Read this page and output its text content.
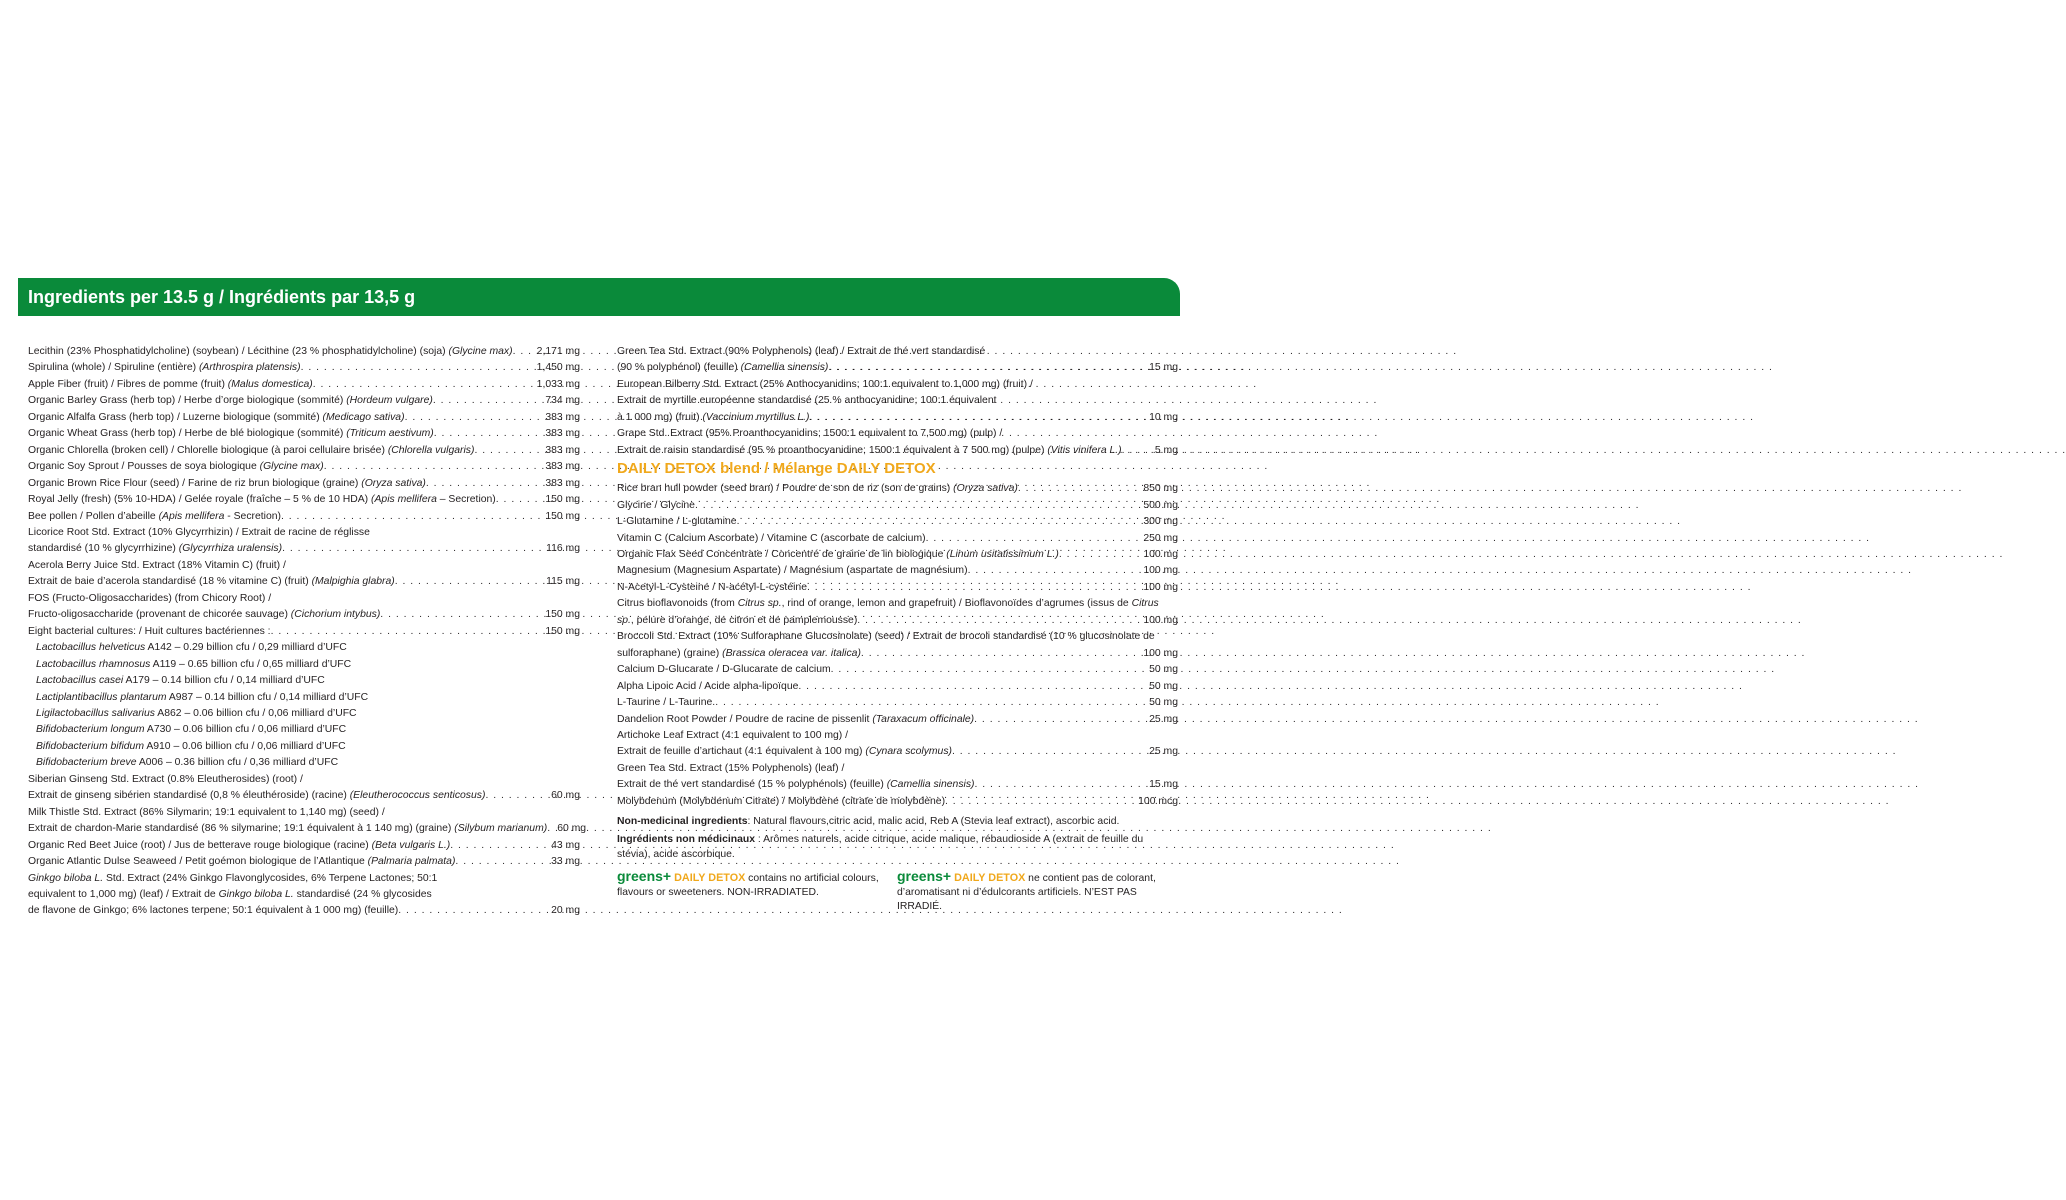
Ingredients per 13.5 g / Ingrédients par 13,5 g
Lecithin (23% Phosphatidylcholine) (soybean) / Lécithine (23 % phosphatidylcholine) (soja) (Glycine max) . . .	2,171 mg
Spirulina (whole) / Spiruline (entière) (Arthrospira platensis) . . .	1,450 mg
Apple Fiber (fruit) / Fibres de pomme (fruit) (Malus domestica) . . .	1,033 mg
Organic Barley Grass (herb top) / Herbe d’orge biologique (sommité) (Hordeum vulgare) . . .	734 mg
Organic Alfalfa Grass (herb top) / Luzerne biologique (sommité) (Medicago sativa) . . .	383 mg
Organic Wheat Grass (herb top) / Herbe de blé biologique (sommité) (Triticum aestivum) . . .	383 mg
Organic Chlorella (broken cell) / Chlorelle biologique (à paroi cellulaire brisée) (Chlorella vulgaris) . . .	383 mg
Organic Soy Sprout / Pousses de soya biologique (Glycine max) . . .	383 mg
Organic Brown Rice Flour (seed) / Farine de riz brun biologique (graine) (Oryza sativa) . . .	383 mg
Royal Jelly (fresh) (5% 10-HDA) / Gelée royale (fraîche – 5 % de 10 HDA) (Apis mellifera – Secretion) . . .	150 mg
Bee pollen / Pollen d’abeille (Apis mellifera - Secretion) . . .	150 mg
Licorice Root Std. Extract (10% Glycyrrhizin) / Extrait de racine de réglisse
standardisé (10 % glycyrrhizine) (Glycyrrhiza uralensis) . . .	116 mg
Acerola Berry Juice Std. Extract (18% Vitamin C) (fruit) /
Extrait de baie d’acerola standardisé (18 % vitamine C) (fruit) (Malpighia glabra) . . .	115 mg
FOS (Fructo-Oligosaccharides) (from Chicory Root) /
Fructo-oligosaccharide (provenant de chicorée sauvage) (Cichorium intybus) . . .	150 mg
Eight bacterial cultures: / Huit cultures bactériennes : . . .	150 mg
Lactobacillus helveticus A142 – 0.29 billion cfu / 0,29 milliard d’UFC
Lactobacillus rhamnosus A119 – 0.65 billion cfu / 0,65 milliard d’UFC
Lactobacillus casei A179 – 0.14 billion cfu / 0,14 milliard d’UFC
Lactiplantibacillus plantarum A987 – 0.14 billion cfu / 0,14 milliard d’UFC
Ligilactobacillus salivarius A862 – 0.06 billion cfu / 0,06 milliard d’UFC
Bifidobacterium longum A730 – 0.06 billion cfu / 0,06 milliard d’UFC
Bifidobacterium bifidum A910 – 0.06 billion cfu / 0,06 milliard d’UFC
Bifidobacterium breve A006 – 0.36 billion cfu / 0,36 milliard d’UFC
Siberian Ginseng Std. Extract (0.8% Eleutherosides) (root) /
Extrait de ginseng sibérien standardisé (0,8 % éleuthéroside) (racine) (Eleutherococcus senticosus) . . .	60 mg
Milk Thistle Std. Extract (86% Silymarin; 19:1 equivalent to 1,140 mg) (seed) /
Extrait de chardon-Marie standardisé (86 % silymarine; 19:1 équivalent à 1 140 mg) (graine) (Silybum marianum) . . . 60 mg
Organic Red Beet Juice (root) / Jus de betterave rouge biologique (racine) (Beta vulgaris L.) . . .	43 mg
Organic Atlantic Dulse Seaweed / Petit goémon biologique de l’Atlantique (Palmaria palmata) . . .	33 mg
Ginkgo biloba L. Std. Extract (24% Ginkgo Flavonglycosides, 6% Terpene Lactones; 50:1
equivalent to 1,000 mg) (leaf) / Extrait de Ginkgo biloba L. standardisé (24 % glycosides
de flavone de Ginkgo; 6% lactones terpene; 50:1 équivalent à 1 000 mg) (feuille) . . .	20 mg
Green Tea Std. Extract (90% Polyphenols) (leaf) / Extrait de thé vert standardisé
(90 % polyphénol) (feuille) (Camellia sinensis) . . .	15 mg
European Bilberry Std. Extract (25% Anthocyanidins; 100:1 equivalent to 1,000 mg) (fruit) /
Extrait de myrtille européenne standardisé (25 % anthocyanidine; 100:1 équivalent
à 1 000 mg) (fruit) (Vaccinium myrtillus L.) . . .	10 mg
Grape Std. Extract (95% Proanthocyanidins; 1500:1 equivalent to 7,500 mg) (pulp) /
Extrait de raisin standardisé (95 % proanthocyanidine; 1500:1 équivalent à 7 500 mg) (pulpe) (Vitis vinifera L.) . . .	5 mg
DAILY DETOX blend / Mélange DAILY DETOX
Rice bran hull powder (seed bran) / Poudre de son de riz (son de grains) (Oryza sativa) . . .	850 mg
Glycine / Glycine . . .	500 mg
L-Glutamine / L-glutamine . . .	300 mg
Vitamin C (Calcium Ascorbate) / Vitamine C (ascorbate de calcium) . . .	250 mg
Organic Flax Seed Concentrate / Concentré de graine de lin biologique (Linum usitatissimum L.) . . .	100 mg
Magnesium (Magnesium Aspartate) / Magnésium (aspartate de magnésium) . . .	100 mg
N-Acetyl-L-Cysteine / N-acétyl-L-cystéine . . .	100 mg
Citrus bioflavonoids (from Citrus sp., rind of orange, lemon and grapefruit) / Bioflavonoïdes d’agrumes (issus de Citrus
sp., pelure d’orange, de citron et de pamplemousse) . . .	100 mg
Broccoli Std. Extract (10% Sulforaphane Glucosinolate) (seed) / Extrait de brocoli standardisé (10 % glucosinolate de
sulforaphane) (graine) (Brassica oleracea var. italica) . . .	100 mg
Calcium D-Glucarate / D-Glucarate de calcium . . .	50 mg
Alpha Lipoic Acid / Acide alpha-lipoïque . . .	50 mg
L-Taurine / L-Taurine. . . .	50 mg
Dandelion Root Powder / Poudre de racine de pissenlit (Taraxacum officinale) . . .	25 mg
Artichoke Leaf Extract (4:1 equivalent to 100 mg) /
Extrait de feuille d’artichaut (4:1 équivalent à 100 mg) (Cynara scolymus) . . .	25 mg
Green Tea Std. Extract (15% Polyphenols) (leaf) /
Extrait de thé vert standardisé (15 % polyphénols) (feuille) (Camellia sinensis) . . .	15 mg
Molybdenum (Molybdenum Citrate) / Molybdène (citrate de molybdène) . . .	100 mcg
Non-medicinal ingredients: Natural flavours,citric acid, malic acid, Reb A (Stevia leaf extract), ascorbic acid.
Ingrédients non médicinaux : Arômes naturels, acide citrique, acide malique, rébaudioside A (extrait de feuille du stévia), acide ascorbique.
greens+ DAILY DETOX contains no artificial colours, flavours or sweeteners. NON-IRRADIATED.
greens+ DAILY DETOX ne contient pas de colorant, d’aromatisant ni d’édulcorants artificiels. N’EST PAS IRRADIÉ.
